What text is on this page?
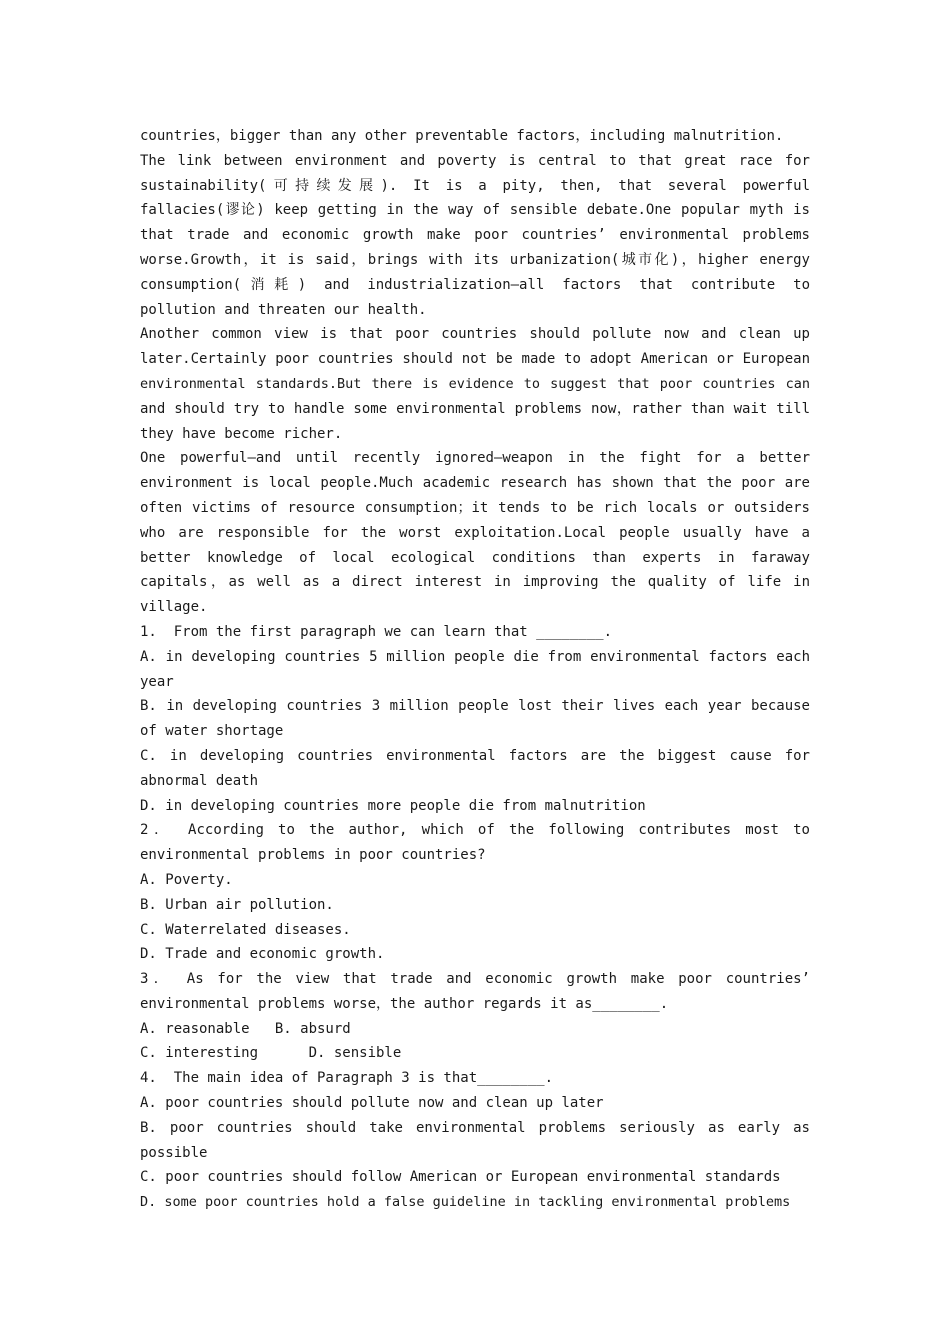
countries，bigger than any other preventable factors，including malnutrition.
The link between environment and poverty is central to that great race for
sustainability(可持续发展). It is a pity, then, that several powerful
fallacies(谬论) keep getting in the way of sensible debate.One popular myth is
that trade and economic growth make poor countries’ environmental problems
worse.Growth，it is said，brings with its urbanization(城市化)，higher energy
consumption(消耗) and industrialization—all factors that contribute to
pollution and threaten our health.
Another common view is that poor countries should pollute now and clean up
later.Certainly poor countries should not be made to adopt American or European
environmental standards.But there is evidence to suggest that poor countries can
and should try to handle some environmental problems now，rather than wait till
they have become richer.
One powerful—and until recently ignored—weapon in the fight for a better
environment is local people.Much academic research has shown that the poor are
often victims of resource consumption；it tends to be rich locals or outsiders
who are responsible for the worst exploitation.Local people usually have a
better knowledge of local ecological conditions than experts in faraway
capitals，as well as a direct interest in improving the quality of life in
village.
1.  From the first paragraph we can learn that ________.
A. in developing countries 5 million people die from environmental factors each
year
B. in developing countries 3 million people lost their lives each year because
of water shortage
C. in developing countries environmental factors are the biggest cause for
abnormal death
D. in developing countries more people die from malnutrition
2． According to the author, which of the following contributes most to
environmental problems in poor countries?
A. Poverty.
B. Urban air pollution.
C. Waterrelated diseases.
D. Trade and economic growth.
3． As for the view that trade and economic growth make poor countries’
environmental problems worse，the author regards it as________.
A. reasonable   B. absurd
C. interesting      D. sensible
4.  The main idea of Paragraph 3 is that________.
A. poor countries should pollute now and clean up later
B. poor countries should take environmental problems seriously as early as
possible
C. poor countries should follow American or European environmental standards
D. some poor countries hold a false guideline in tackling environmental problems
